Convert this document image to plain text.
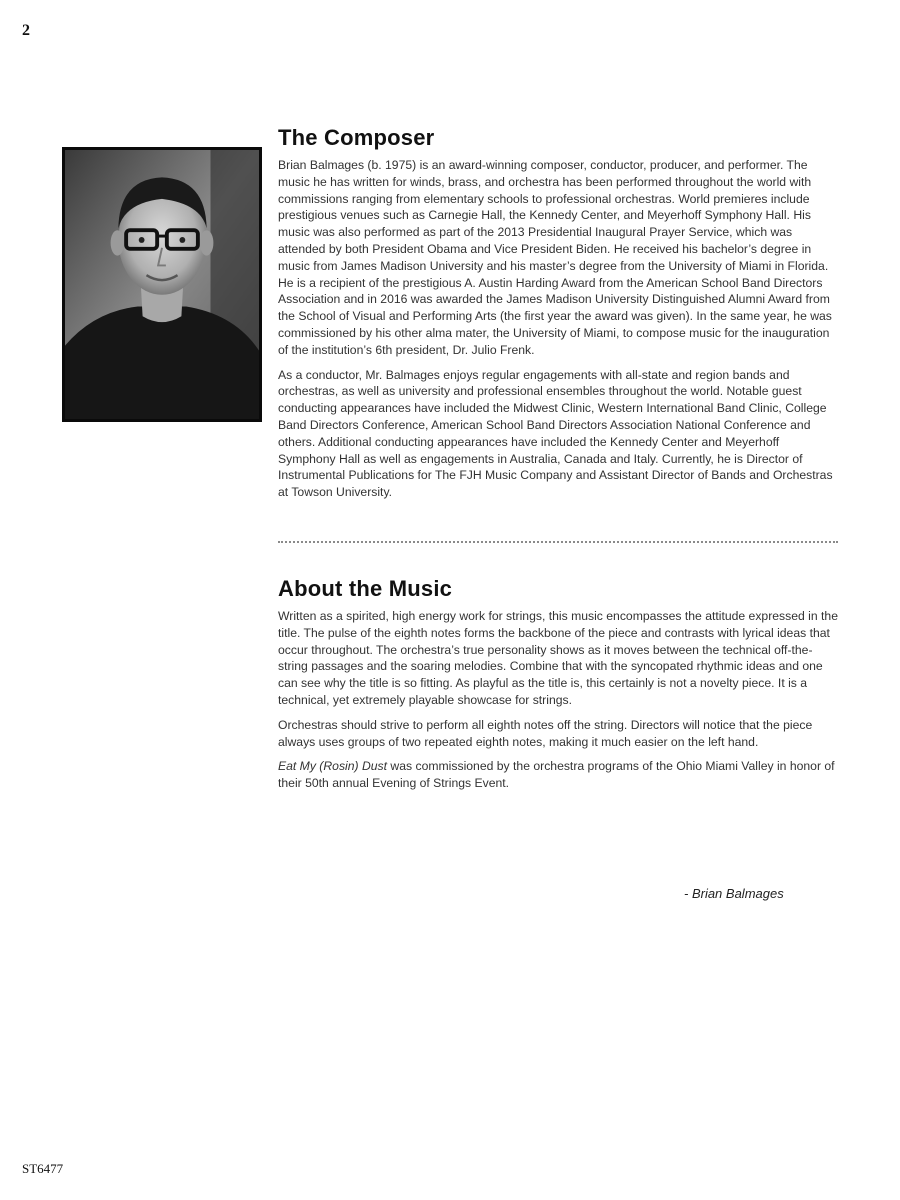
2
The Composer

Brian Balmages (b. 1975) is an award-winning composer, conductor, producer, and performer. The music he has written for winds, brass, and orchestra has been performed throughout the world with commissions ranging from elementary schools to professional orchestras. World premieres include prestigious venues such as Carnegie Hall, the Kennedy Center, and Meyerhoff Symphony Hall. His music was also performed as part of the 2013 Presidential Inaugural Prayer Service, which was attended by both President Obama and Vice President Biden. He received his bachelor’s degree in music from James Madison University and his master’s degree from the University of Miami in Florida. He is a recipient of the prestigious A. Austin Harding Award from the American School Band Directors Association and in 2016 was awarded the James Madison University Distinguished Alumni Award from the School of Visual and Performing Arts (the first year the award was given). In the same year, he was commissioned by his other alma mater, the University of Miami, to compose music for the inauguration of the institution’s 6th president, Dr. Julio Frenk.

As a conductor, Mr. Balmages enjoys regular engagements with all-state and region bands and orchestras, as well as university and professional ensembles throughout the world. Notable guest conducting appearances have included the Midwest Clinic, Western International Band Clinic, College Band Directors Conference, American School Band Directors Association National Conference and others. Additional conducting appearances have included the Kennedy Center and Meyerhoff Symphony Hall as well as engagements in Australia, Canada and Italy. Currently, he is Director of Instrumental Publications for The FJH Music Company and Assistant Director of Bands and Orchestras at Towson University.

About the Music

Written as a spirited, high energy work for strings, this music encompasses the attitude expressed in the title. The pulse of the eighth notes forms the backbone of the piece and contrasts with lyrical ideas that occur throughout. The orchestra’s true personality shows as it moves between the technical off-the-string passages and the soaring melodies. Combine that with the syncopated rhythmic ideas and one can see why the title is so fitting. As playful as the title is, this certainly is not a novelty piece. It is a technical, yet extremely playable showcase for strings.

Orchestras should strive to perform all eighth notes off the string. Directors will notice that the piece always uses groups of two repeated eighth notes, making it much easier on the left hand.

Eat My (Rosin) Dust was commissioned by the orchestra programs of the Ohio Miami Valley in honor of their 50th annual Evening of Strings Event.

- Brian Balmages
ST6477
